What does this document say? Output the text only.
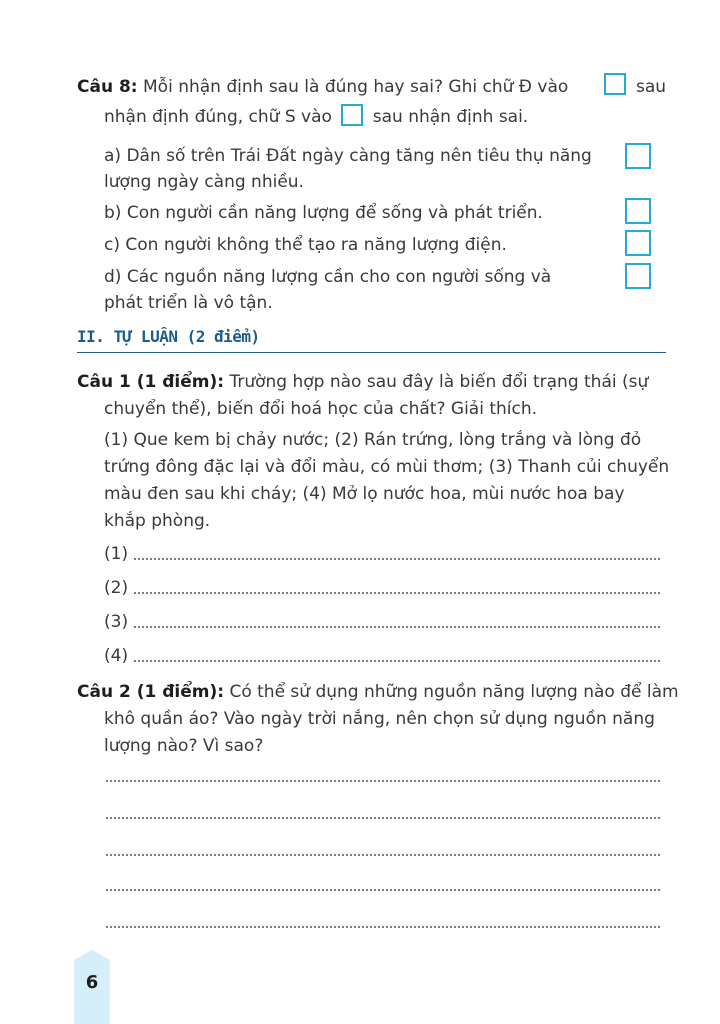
Câu 8: Mỗi nhận định sau là đúng hay sai? Ghi chữ Đ vào	sau
nhận định đúng, chữ S vào sau nhận định sai.
a) Dân số trên Trái Đất ngày càng tăng nên tiêu thụ năng
lượng ngày càng nhiều.
b) Con người cần năng lượng để sống và phát triển.
c) Con người không thể tạo ra năng lượng điện.
d) Các nguồn năng lượng cần cho con người sống và
phát triển là vô tận.
II. TỰ LUẬN (2 điểm)
Câu 1 (1 điểm): Trường hợp nào sau đây là biến đổi trạng thái (sự
chuyển thể), biến đổi hoá học của chất? Giải thích.
(1) Que kem bị chảy nước; (2) Rán trứng, lòng trắng và lòng đỏ
trứng đông đặc lại và đổi màu, có mùi thơm; (3) Thanh củi chuyển
màu đen sau khi cháy; (4) Mở lọ nước hoa, mùi nước hoa bay
khắp phòng.
(1)
(2)
(3)
(4)
Câu 2 (1 điểm): Có thể sử dụng những nguồn năng lượng nào để làm
khô quần áo? Vào ngày trời nắng, nên chọn sử dụng nguồn năng
lượng nào? Vì sao?
6
